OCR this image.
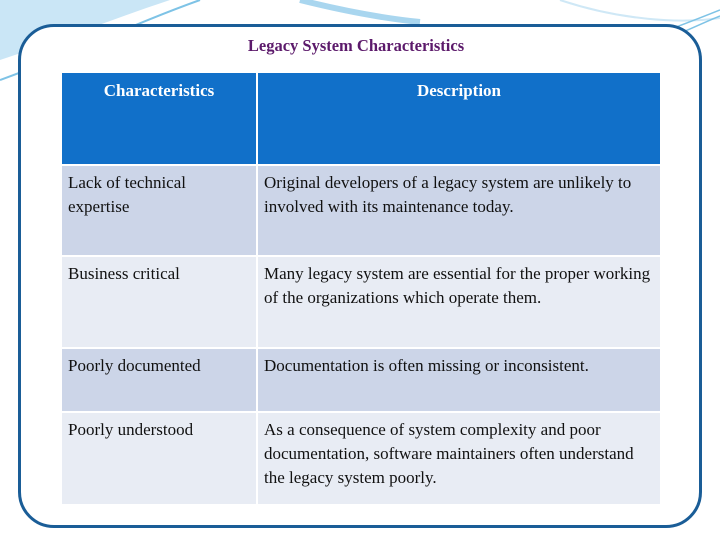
Legacy System Characteristics
Characteristics	Description
Lack of technical expertise	Original developers of a legacy system are unlikely to involved with its maintenance today.
Business critical	Many legacy system are essential for the proper working of the organizations which operate them.
Poorly documented	Documentation is often missing or inconsistent.
Poorly understood	As a consequence of system complexity and poor documentation, software maintainers often understand the legacy system poorly.
